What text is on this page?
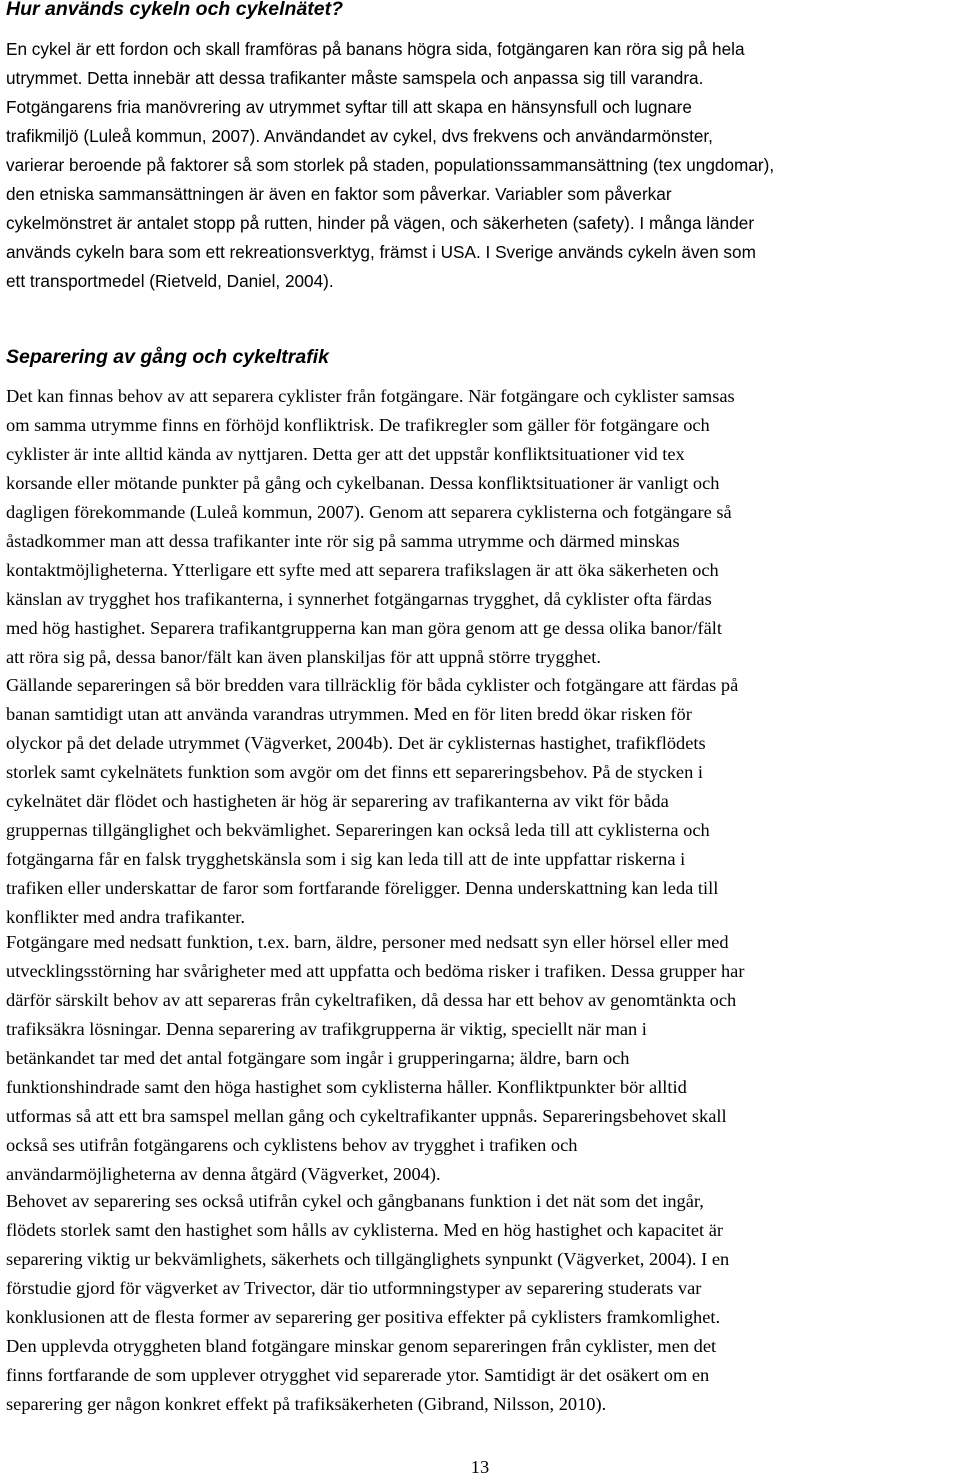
Hur används cykeln och cykelnätet?
En cykel är ett fordon och skall framföras på banans högra sida, fotgängaren kan röra sig på hela
utrymmet. Detta innebär att dessa trafikanter måste samspela och anpassa sig till varandra.
Fotgängarens fria manövrering av utrymmet syftar till att skapa en hänsynsfull och lugnare
trafikmiljö (Luleå kommun, 2007). Användandet av cykel, dvs frekvens och användarmönster,
varierar beroende på faktorer så som storlek på staden, populationssammansättning (tex ungdomar),
den etniska sammansättningen är även en faktor som påverkar. Variabler som påverkar
cykelmönstret är antalet stopp på rutten, hinder på vägen, och säkerheten (safety). I många länder
används cykeln bara som ett rekreationsverktyg, främst i USA. I Sverige används cykeln även som
ett transportmedel (Rietveld, Daniel, 2004).
Separering av gång och cykeltrafik
Det kan finnas behov av att separera cyklister från fotgängare. När fotgängare och cyklister samsas
om samma utrymme finns en förhöjd konfliktrisk. De trafikregler som gäller för fotgängare och
cyklister är inte alltid kända av nyttjaren. Detta ger att det uppstår konfliktsituationer vid tex
korsande eller mötande punkter på gång och cykelbanan. Dessa konfliktsituationer är vanligt och
dagligen förekommande (Luleå kommun, 2007). Genom att separera cyklisterna och fotgängare så
åstadkommer man att dessa trafikanter inte rör sig på samma utrymme och därmed minskas
kontaktmöjligheterna. Ytterligare ett syfte med att separera trafikslagen är att öka säkerheten och
känslan av trygghet hos trafikanterna, i synnerhet fotgängarnas trygghet, då cyklister ofta färdas
med hög hastighet. Separera trafikantgrupperna kan man göra genom att ge dessa olika banor/fält
att röra sig på, dessa banor/fält kan även planskiljas för att uppnå större trygghet.
Gällande separeringen så bör bredden vara tillräcklig för båda cyklister och fotgängare att färdas på
banan samtidigt utan att använda varandras utrymmen. Med en för liten bredd ökar risken för
olyckor på det delade utrymmet (Vägverket, 2004b). Det är cyklisternas hastighet, trafikflödets
storlek samt cykelnätets funktion som avgör om det finns ett separeringsbehov. På de stycken i
cykelnätet där flödet och hastigheten är hög är separering av trafikanterna av vikt för båda
gruppernas tillgänglighet och bekvämlighet. Separeringen kan också leda till att cyklisterna och
fotgängarna får en falsk trygghetskänsla som i sig kan leda till att de inte uppfattar riskerna i
trafiken eller underskattar de faror som fortfarande föreligger. Denna underskattning kan leda till
konflikter med andra trafikanter.
Fotgängare med nedsatt funktion, t.ex. barn, äldre, personer med nedsatt syn eller hörsel eller med
utvecklingsstörning har svårigheter med att uppfatta och bedöma risker i trafiken. Dessa grupper har
därför särskilt behov av att separeras från cykeltrafiken, då dessa har ett behov av genomtänkta och
trafiksäkra lösningar. Denna separering av trafikgrupperna är viktig, speciellt när man i
betänkandet tar med det antal fotgängare som ingår i grupperingarna; äldre, barn och
funktionshindrade samt den höga hastighet som cyklisterna håller. Konfliktpunkter bör alltid
utformas så att ett bra samspel mellan gång och cykeltrafikanter uppnås. Separeringsbehovet skall
också ses utifrån fotgängarens och cyklistens behov av trygghet i trafiken och
användarmöjligheterna av denna åtgärd (Vägverket, 2004).
Behovet av separering ses också utifrån cykel och gångbanans funktion i det nät som det ingår,
flödets storlek samt den hastighet som hålls av cyklisterna. Med en hög hastighet och kapacitet är
separering viktig ur bekvämlighets, säkerhets och tillgänglighets synpunkt (Vägverket, 2004). I en
förstudie gjord för vägverket av Trivector, där tio utformningstyper av separering studerats var
konklusionen att de flesta former av separering ger positiva effekter på cyklisters framkomlighet.
Den upplevda otryggheten bland fotgängare minskar genom separeringen från cyklister, men det
finns fortfarande de som upplever otrygghet vid separerade ytor. Samtidigt är det osäkert om en
separering ger någon konkret effekt på trafiksäkerheten (Gibrand, Nilsson, 2010).
13
